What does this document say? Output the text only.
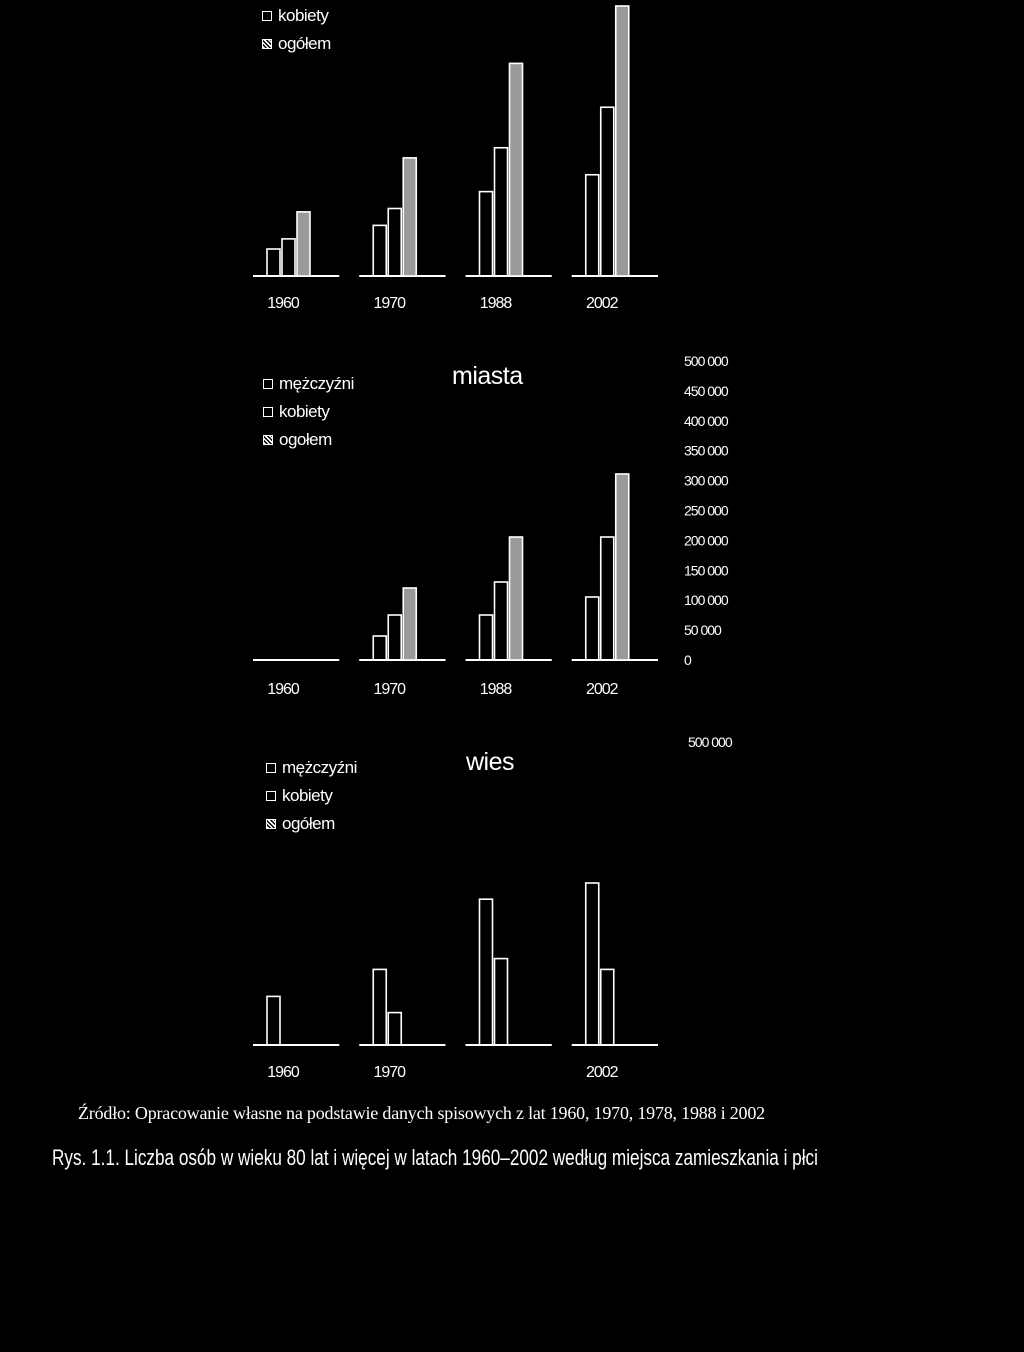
kobiety
ogółem
1960	1970	1988	2002
miasta
mężczyźni
kobiety
ogołem
1960	1970	1988	2002
500 000
450 000
400 000
350 000
300 000
250 000
200 000
150 000
100 000
50 000
0
wies
mężczyźni
kobiety
ogółem
1960	1970	2002
500 000
Źródło: Opracowanie własne na podstawie danych spisowych z lat 1960, 1970, 1978, 1988 i 2002
Rys. 1.1. Liczba osób w wieku 80 lat i więcej w latach 1960–2002 według miejsca zamieszkania i płci
